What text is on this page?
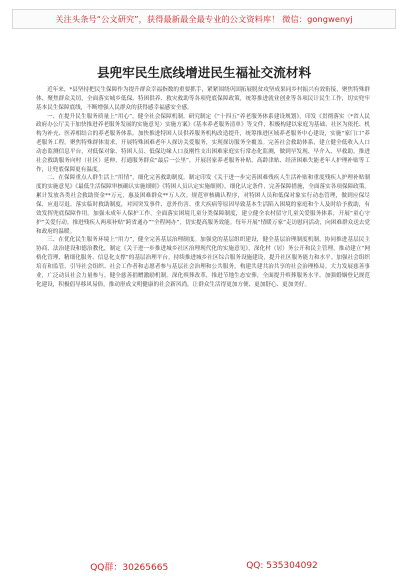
关注头条号“公文研究”，获得最新最全最专业的公文资料库！ 微信：gongwenyj
县兜牢民生底线增进民生福祉交流材料

近年来，*县坚持把民生保障作为提升群众幸福指数的重要抓手，紧紧围绕巩固拓展脱贫攻坚成果同乡村振兴有效衔接，聚焦特殊群体、聚焦群众关切，全面落实城乡低保、特困供养、救灾救助等各项兜底保障政策，统筹推进就业创业等各项民计民生工作，切实兜牢基本民生保障底线，不断增强人民群众的获得感幸福感安全感。

一、在提升民生服务质量上“用心”，健全社会保障机制。研究制定《“十四五”养老服务体系建设规划》，印发《贯彻落实〈*省人民政府办公厅关于加快推进养老服务发展的实施意见〉实施方案》《基本养老服务清单》等文件，积极构建以家庭为基础、社区为依托、机构为补充、医养相结合的养老服务体系。加快推进特困人员供养服务机构改造提升，统筹推进区域养老服务中心建设，实施“家门口”养老服务工程。聚焦特殊群体需求，开展特殊困难老年人探访关爱服务，实现探访服务全覆盖。完善社会救助体系，建立健全低收入人口动态监测信息平台，对低保对象、特困人员、低保边缘人口及刚性支出困难家庭实行常态化监测，做到早发现、早介入、早救助。推进社会救助服务向村（社区）延伸，打通服务群众“最后一公里”，开展居家养老服务补贴、高龄津贴、经济困难失能老年人护理补贴等工作，让兜底保障更有温度。

二、在保障重点人群生活上“用情”，细化完善救助制度。制定印发《关于进一步完善困难残疾人生活补贴和重度残疾人护理补贴制度的实施意见》《最低生活保障审核确认实施细则》《特困人员认定实施细则》，细化认定条件，完善保障措施，全面落实各项保障政策。累计发放各类社会救助资金**万元，惠及困难群众**万人次。规范审核确认程序，对特困人员和低保对象实行动态管理，做到应保尽保、应退尽退。落实临时救助制度，对因突发事件、意外伤害、重大疾病等原因导致基本生活陷入困境的家庭和个人及时给予救助，有效发挥兜底保障作用。加强未成年人保护工作，全面落实困境儿童分类保障制度，建立健全农村留守儿童关爱服务体系，开展“童心守护”关爱行动。推进残疾人两项补贴“跨省通办”“全程网办”，切实提高服务效能。每年开展“情暖万家”走访慰问活动，向困难群众送去党和政府的温暖。

三、在优化民生服务环境上“用力”，健全完善基层治理制度。加强党的基层组织建设，健全基层治理制度机制，协同推进基层民主协商、法治建设和德治教化，制定《关于进一步推进城乡社区治理现代化的实施意见》，深化村（居）务公开和民主管理，推动建立“网格化管理、精细化服务、信息化支撑”的基层治理平台。持续推进城乡社区综合服务设施建设，提升社区服务能力和水平。加强社会组织培育和监管，引导社会组织、社会工作者和志愿者参与基层社会治理和公共服务，构建共建共治共享的社会治理格局。大力发展慈善事业，广泛动员社会力量参与，健全慈善捐赠激励机制。深化殡葬改革，推进节地生态安葬，全面提升殡葬服务水平。加强婚姻登记规范化建设，积极倡导移风易俗，推动形成文明健康的社会新风尚，让群众生活得更加方便、更加舒心、更加美好。

QQ群：30265665	QQ: 535304092
